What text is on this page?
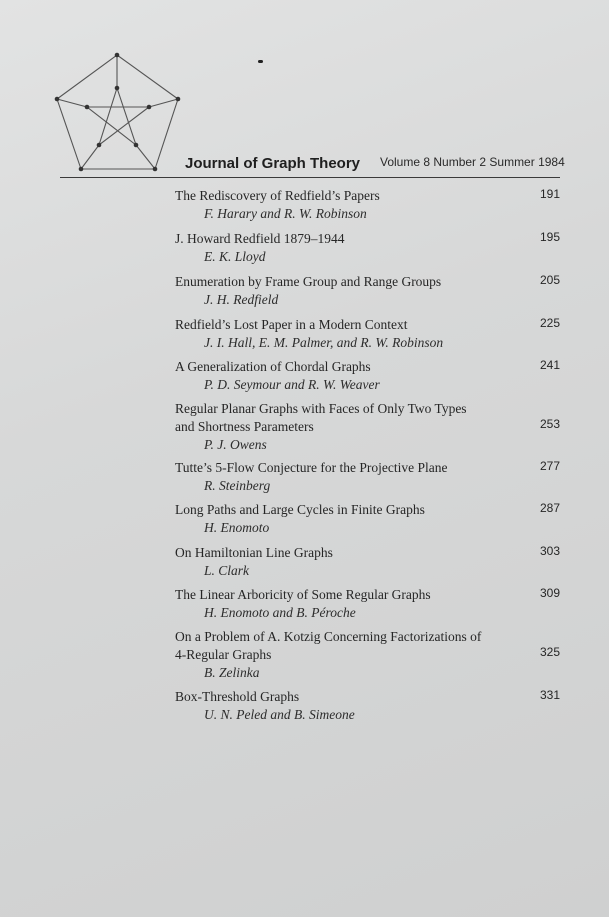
Journal of Graph Theory Volume 8 Number 2 Summer 1984
The Rediscovery of Redfield’s Papers
F. Harary and R. W. Robinson
191
J. Howard Redfield 1879–1944
E. K. Lloyd
195
Enumeration by Frame Group and Range Groups
J. H. Redfield
205
Redfield’s Lost Paper in a Modern Context
J. I. Hall, E. M. Palmer, and R. W. Robinson
225
A Generalization of Chordal Graphs
P. D. Seymour and R. W. Weaver
241
Regular Planar Graphs with Faces of Only Two Types
and Shortness Parameters
P. J. Owens
253
Tutte’s 5-Flow Conjecture for the Projective Plane
R. Steinberg
277
Long Paths and Large Cycles in Finite Graphs
H. Enomoto
287
On Hamiltonian Line Graphs
L. Clark
303
The Linear Arboricity of Some Regular Graphs
H. Enomoto and B. Péroche
309
On a Problem of A. Kotzig Concerning Factorizations of
4-Regular Graphs
B. Zelinka
325
Box-Threshold Graphs
U. N. Peled and B. Simeone
331
